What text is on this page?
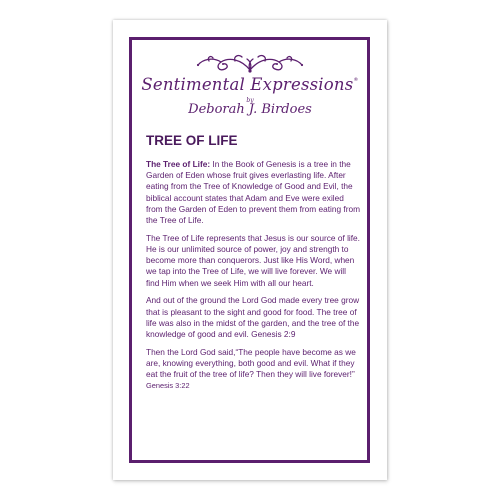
Sentimental Expressions®
by
Deborah J. Birdoes
TREE OF LIFE

The Tree of Life: In the Book of Genesis is a tree in the Garden of Eden whose fruit gives everlasting life. After eating from the Tree of Knowledge of Good and Evil, the biblical account states that Adam and Eve were exiled from the Garden of Eden to prevent them from eating from the Tree of Life.

The Tree of Life represents that Jesus is our source of life. He is our unlimited source of power, joy and strength to become more than conquerors. Just like His Word, when we tap into the Tree of Life, we will live forever. We will find Him when we seek Him with all our heart.

And out of the ground the Lord God made every tree grow that is pleasant to the sight and good for food. The tree of life was also in the midst of the garden, and the tree of the knowledge of good and evil. Genesis 2:9

Then the Lord God said,“The people have become as we are, knowing everything, both good and evil. What if they eat the fruit of the tree of life? Then they will live forever!” Genesis 3:22
